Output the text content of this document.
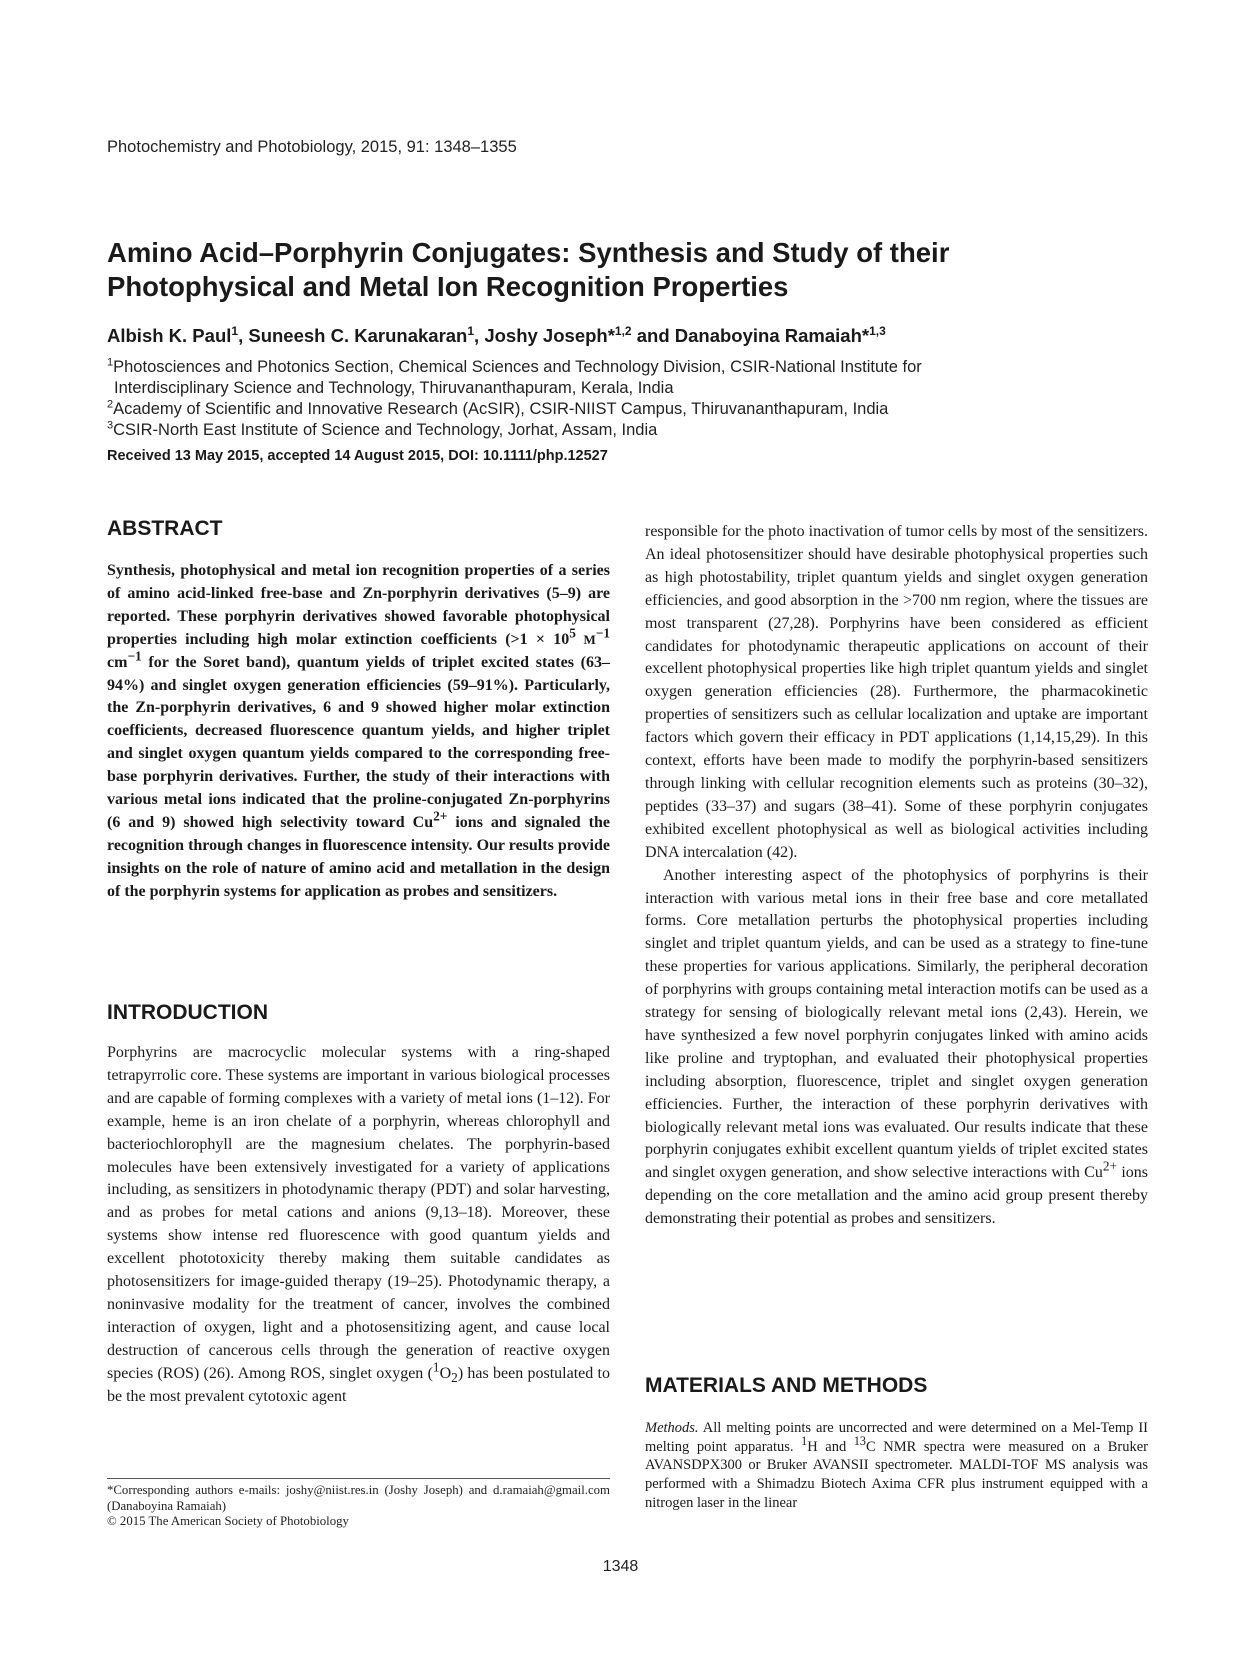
Photochemistry and Photobiology, 2015, 91: 1348–1355
Amino Acid–Porphyrin Conjugates: Synthesis and Study of their
Photophysical and Metal Ion Recognition Properties
Albish K. Paul$^1$, Suneesh C. Karunakaran$^1$, Joshy Joseph*$^{1,2}$ and Danaboyina Ramaiah*$^{1,3}$
$^1$Photosciences and Photonics Section, Chemical Sciences and Technology Division, CSIR-National Institute for
Interdisciplinary Science and Technology, Thiruvananthapuram, Kerala, India
$^2$Academy of Scientific and Innovative Research (AcSIR), CSIR-NIIST Campus, Thiruvananthapuram, India
$^3$CSIR-North East Institute of Science and Technology, Jorhat, Assam, India
Received 13 May 2015, accepted 14 August 2015, DOI: 10.1111/php.12527
ABSTRACT

Synthesis, photophysical and metal ion recognition properties of a series of amino acid-linked free-base and Zn-porphyrin derivatives (5–9) are reported. These porphyrin derivatives showed favorable photophysical properties including high molar extinction coefficients ($>1 \times 10^5$ $M^{-1}$ $cm^{-1}$ for the Soret band), quantum yields of triplet excited states (63–94%) and singlet oxygen generation efficiencies (59–91%). Particularly, the Zn-porphyrin derivatives, 6 and 9 showed higher molar extinction coefficients, decreased fluorescence quantum yields, and higher triplet and singlet oxygen quantum yields compared to the corresponding free-base porphyrin derivatives. Further, the study of their interactions with various metal ions indicated that the proline-conjugated Zn-porphyrins (6 and 9) showed high selectivity toward $Cu^{2+}$ ions and signaled the recognition through changes in fluorescence intensity. Our results provide insights on the role of nature of amino acid and metallation in the design of the porphyrin systems for application as probes and sensitizers.

INTRODUCTION

Porphyrins are macrocyclic molecular systems with a ring-shaped tetrapyrrolic core. These systems are important in various biological processes and are capable of forming complexes with a variety of metal ions (1–12). For example, heme is an iron chelate of a porphyrin, whereas chlorophyll and bacteriochlorophyll are the magnesium chelates. The porphyrin-based molecules have been extensively investigated for a variety of applications including, as sensitizers in photodynamic therapy (PDT) and solar harvesting, and as probes for metal cations and anions (9,13–18). Moreover, these systems show intense red fluorescence with good quantum yields and excellent phototoxicity thereby making them suitable candidates as photosensitizers for image-guided therapy (19–25). Photodynamic therapy, a noninvasive modality for the treatment of cancer, involves the combined interaction of oxygen, light and a photosensitizing agent, and cause local destruction of cancerous cells through the generation of reactive oxygen species (ROS) (26). Among ROS, singlet oxygen $(^1O_2)$ has been postulated to be the most prevalent cytotoxic agent

*Corresponding authors e-mails: joshy@niist.res.in (Joshy Joseph) and d.ramaiah@gmail.com (Danaboyina Ramaiah)

© 2015 The American Society of Photobiology

responsible for the photo inactivation of tumor cells by most of the sensitizers. An ideal photosensitizer should have desirable photophysical properties such as high photostability, triplet quantum yields and singlet oxygen generation efficiencies, and good absorption in the >700 nm region, where the tissues are most transparent (27,28). Porphyrins have been considered as efficient candidates for photodynamic therapeutic applications on account of their excellent photophysical properties like high triplet quantum yields and singlet oxygen generation efficiencies (28). Furthermore, the pharmacokinetic properties of sensitizers such as cellular localization and uptake are important factors which govern their efficacy in PDT applications (1,14,15,29). In this context, efforts have been made to modify the porphyrin-based sensitizers through linking with cellular recognition elements such as proteins (30–32), peptides (33–37) and sugars (38–41). Some of these porphyrin conjugates exhibited excellent photophysical as well as biological activities including DNA intercalation (42).

Another interesting aspect of the photophysics of porphyrins is their interaction with various metal ions in their free base and core metallated forms. Core metallation perturbs the photophysical properties including singlet and triplet quantum yields, and can be used as a strategy to fine-tune these properties for various applications. Similarly, the peripheral decoration of porphyrins with groups containing metal interaction motifs can be used as a strategy for sensing of biologically relevant metal ions (2,43). Herein, we have synthesized a few novel porphyrin conjugates linked with amino acids like proline and tryptophan, and evaluated their photophysical properties including absorption, fluorescence, triplet and singlet oxygen generation efficiencies. Further, the interaction of these porphyrin derivatives with biologically relevant metal ions was evaluated. Our results indicate that these porphyrin conjugates exhibit excellent quantum yields of triplet excited states and singlet oxygen generation, and show selective interactions with $Cu^{2+}$ ions depending on the core metallation and the amino acid group present thereby demonstrating their potential as probes and sensitizers.

MATERIALS AND METHODS

Methods. All melting points are uncorrected and were determined on a Mel-Temp II melting point apparatus. $^1$H and $^{13}$C NMR spectra were measured on a Bruker AVANSDPX300 or Bruker AVANSII spectrometer. MALDI-TOF MS analysis was performed with a Shimadzu Biotech Axima CFR plus instrument equipped with a nitrogen laser in the linear

1348
